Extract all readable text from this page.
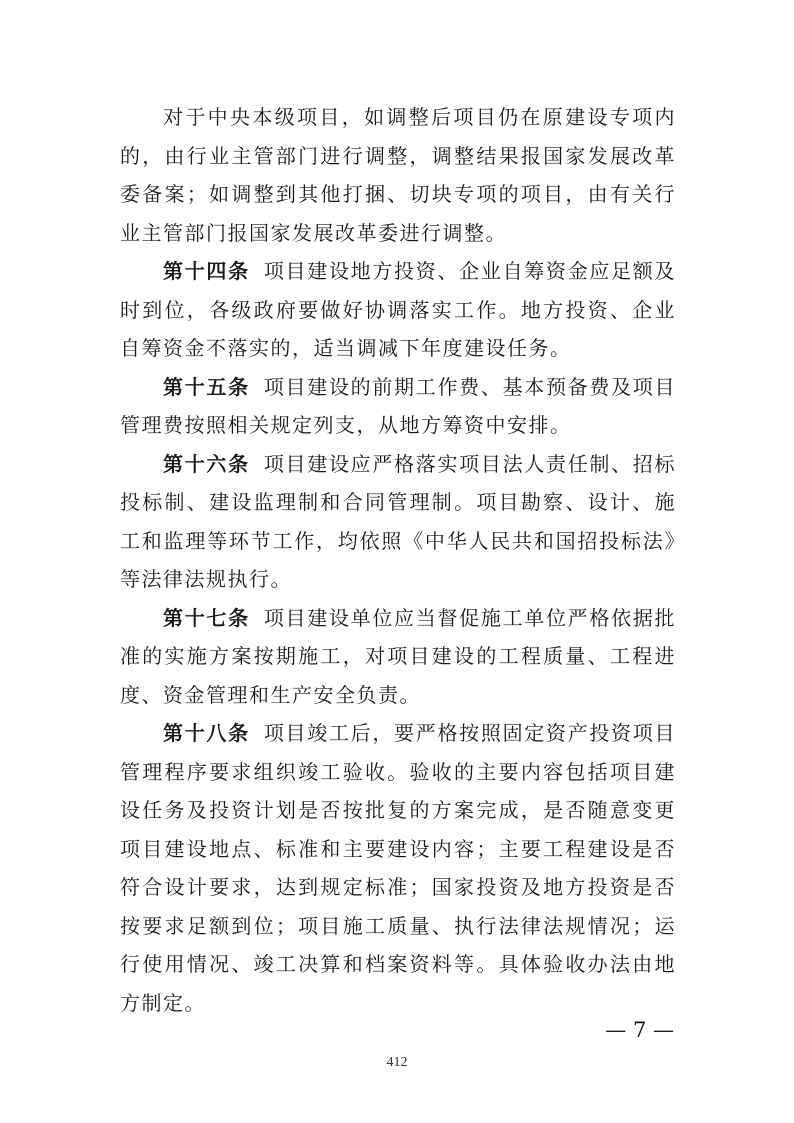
对于中央本级项目，如调整后项目仍在原建设专项内的，由行业主管部门进行调整，调整结果报国家发展改革委备案；如调整到其他打捆、切块专项的项目，由有关行业主管部门报国家发展改革委进行调整。

第十四条 项目建设地方投资、企业自筹资金应足额及时到位，各级政府要做好协调落实工作。地方投资、企业自筹资金不落实的，适当调减下年度建设任务。

第十五条 项目建设的前期工作费、基本预备费及项目管理费按照相关规定列支，从地方筹资中安排。

第十六条 项目建设应严格落实项目法人责任制、招标投标制、建设监理制和合同管理制。项目勘察、设计、施工和监理等环节工作，均依照《中华人民共和国招投标法》等法律法规执行。

第十七条 项目建设单位应当督促施工单位严格依据批准的实施方案按期施工，对项目建设的工程质量、工程进度、资金管理和生产安全负责。

第十八条 项目竣工后，要严格按照固定资产投资项目管理程序要求组织竣工验收。验收的主要内容包括项目建设任务及投资计划是否按批复的方案完成，是否随意变更项目建设地点、标准和主要建设内容；主要工程建设是否符合设计要求，达到规定标准；国家投资及地方投资是否按要求足额到位；项目施工质量、执行法律法规情况；运行使用情况、竣工决算和档案资料等。具体验收办法由地方制定。

— 7 —
412
